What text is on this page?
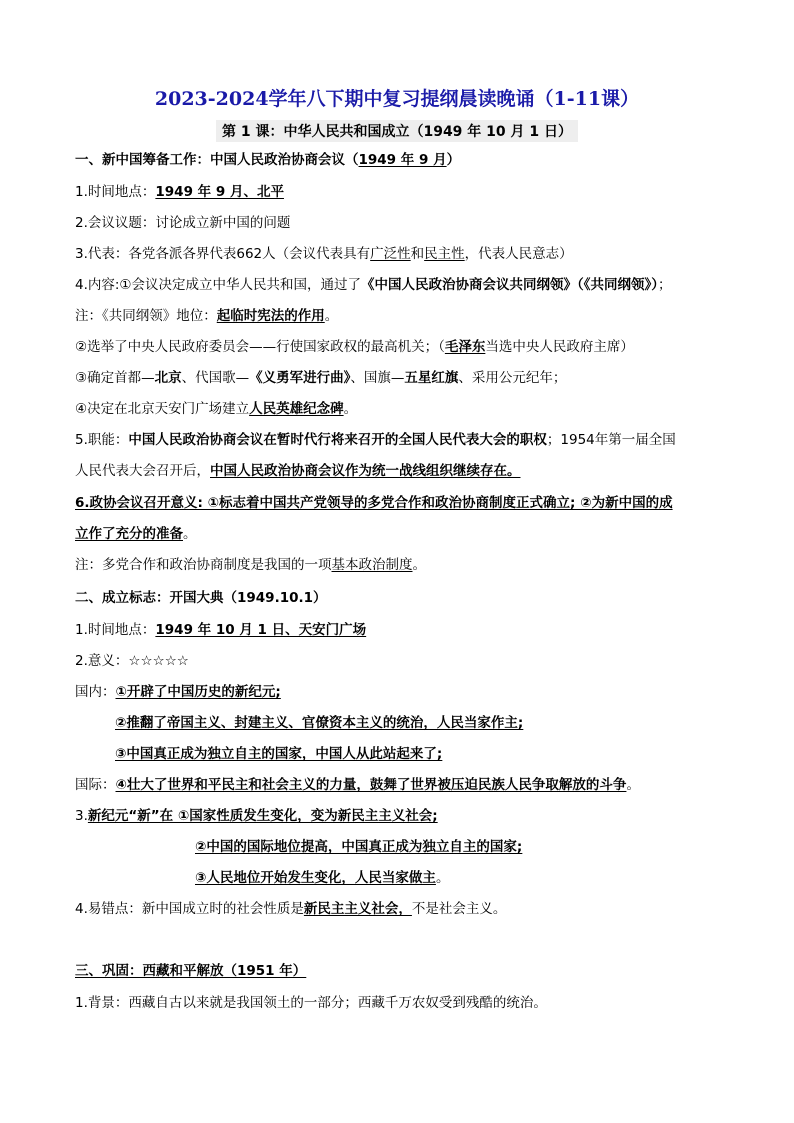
2023-2024学年八下期中复习提纲晨读晚诵（1-11课）
第 1 课：中华人民共和国成立（1949 年 10 月 1 日）
一、新中国筹备工作：中国人民政治协商会议（1949 年 9 月）
1.时间地点：1949 年 9 月、北平
2.会议议题：讨论成立新中国的问题
3.代表：各党各派各界代表662人（会议代表具有广泛性和民主性，代表人民意志）
4.内容:①会议决定成立中华人民共和国，通过了《中国人民政治协商会议共同纲领》（《共同纲领》）；
注：《共同纲领》地位：起临时宪法的作用。
②选举了中央人民政府委员会——行使国家政权的最高机关；（毛泽东当选中央人民政府主席）
③确定首都—北京、代国歌—《义勇军进行曲》、国旗—五星红旗、采用公元纪年；
④决定在北京天安门广场建立人民英雄纪念碑。
5.职能：中国人民政治协商会议在暂时代行将来召开的全国人民代表大会的职权；1954年第一届全国
人民代表大会召开后，中国人民政治协商会议作为统一战线组织继续存在。
6.政协会议召开意义: ①标志着中国共产党领导的多党合作和政治协商制度正式确立; ②为新中国的成
立作了充分的准备。
注：多党合作和政治协商制度是我国的一项基本政治制度。
二、成立标志：开国大典（1949.10.1）
1.时间地点：1949 年 10 月 1 日、天安门广场
2.意义：☆☆☆☆☆
国内：①开辟了中国历史的新纪元;
②推翻了帝国主义、封建主义、官僚资本主义的统治，人民当家作主;
③中国真正成为独立自主的国家，中国人从此站起来了;
国际：④壮大了世界和平民主和社会主义的力量，鼓舞了世界被压迫民族人民争取解放的斗争。
3.新纪元“新”在 ①国家性质发生变化，变为新民主主义社会;
②中国的国际地位提高，中国真正成为独立自主的国家;
③人民地位开始发生变化，人民当家做主。
4.易错点：新中国成立时的社会性质是新民主主义社会，不是社会主义。
三、巩固：西藏和平解放（1951 年）
1.背景：西藏自古以来就是我国领土的一部分；西藏千万农奴受到残酷的统治。
